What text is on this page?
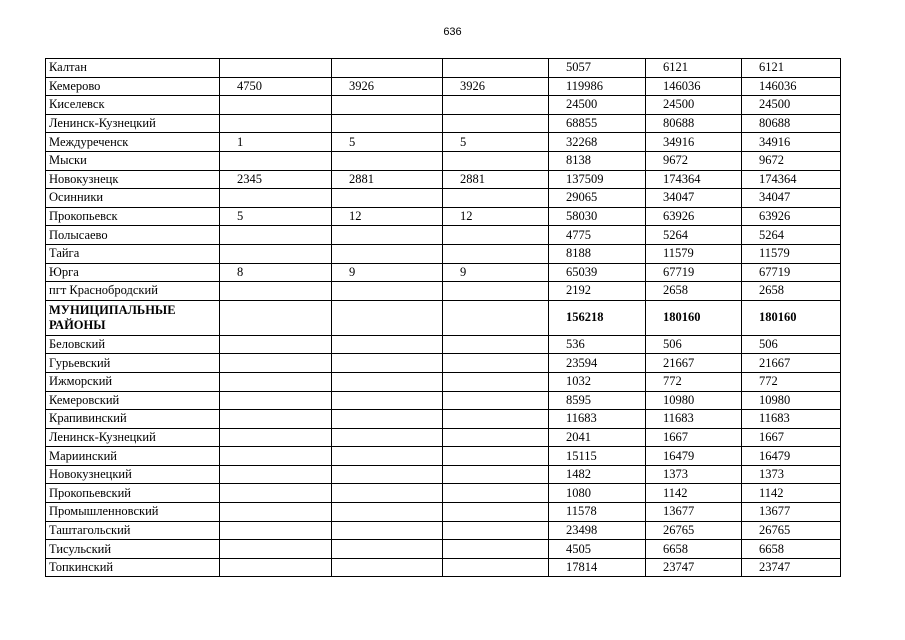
636
Калтан				5057	6121	6121
Кемерово	4750	3926	3926	119986	146036	146036
Киселевск				24500	24500	24500
Ленинск-Кузнецкий				68855	80688	80688
Междуреченск	1	5	5	32268	34916	34916
Мыски				8138	9672	9672
Новокузнецк	2345	2881	2881	137509	174364	174364
Осинники				29065	34047	34047
Прокопьевск	5	12	12	58030	63926	63926
Полысаево				4775	5264	5264
Тайга				8188	11579	11579
Юрга	8	9	9	65039	67719	67719
пгт Краснобродский				2192	2658	2658
МУНИЦИПАЛЬНЫЕ РАЙОНЫ				156218	180160	180160
Беловский				536	506	506
Гурьевский				23594	21667	21667
Ижморский				1032	772	772
Кемеровский				8595	10980	10980
Крапивинский				11683	11683	11683
Ленинск-Кузнецкий				2041	1667	1667
Мариинский				15115	16479	16479
Новокузнецкий				1482	1373	1373
Прокопьевский				1080	1142	1142
Промышленновский				11578	13677	13677
Таштагольский				23498	26765	26765
Тисульский				4505	6658	6658
Топкинский				17814	23747	23747
